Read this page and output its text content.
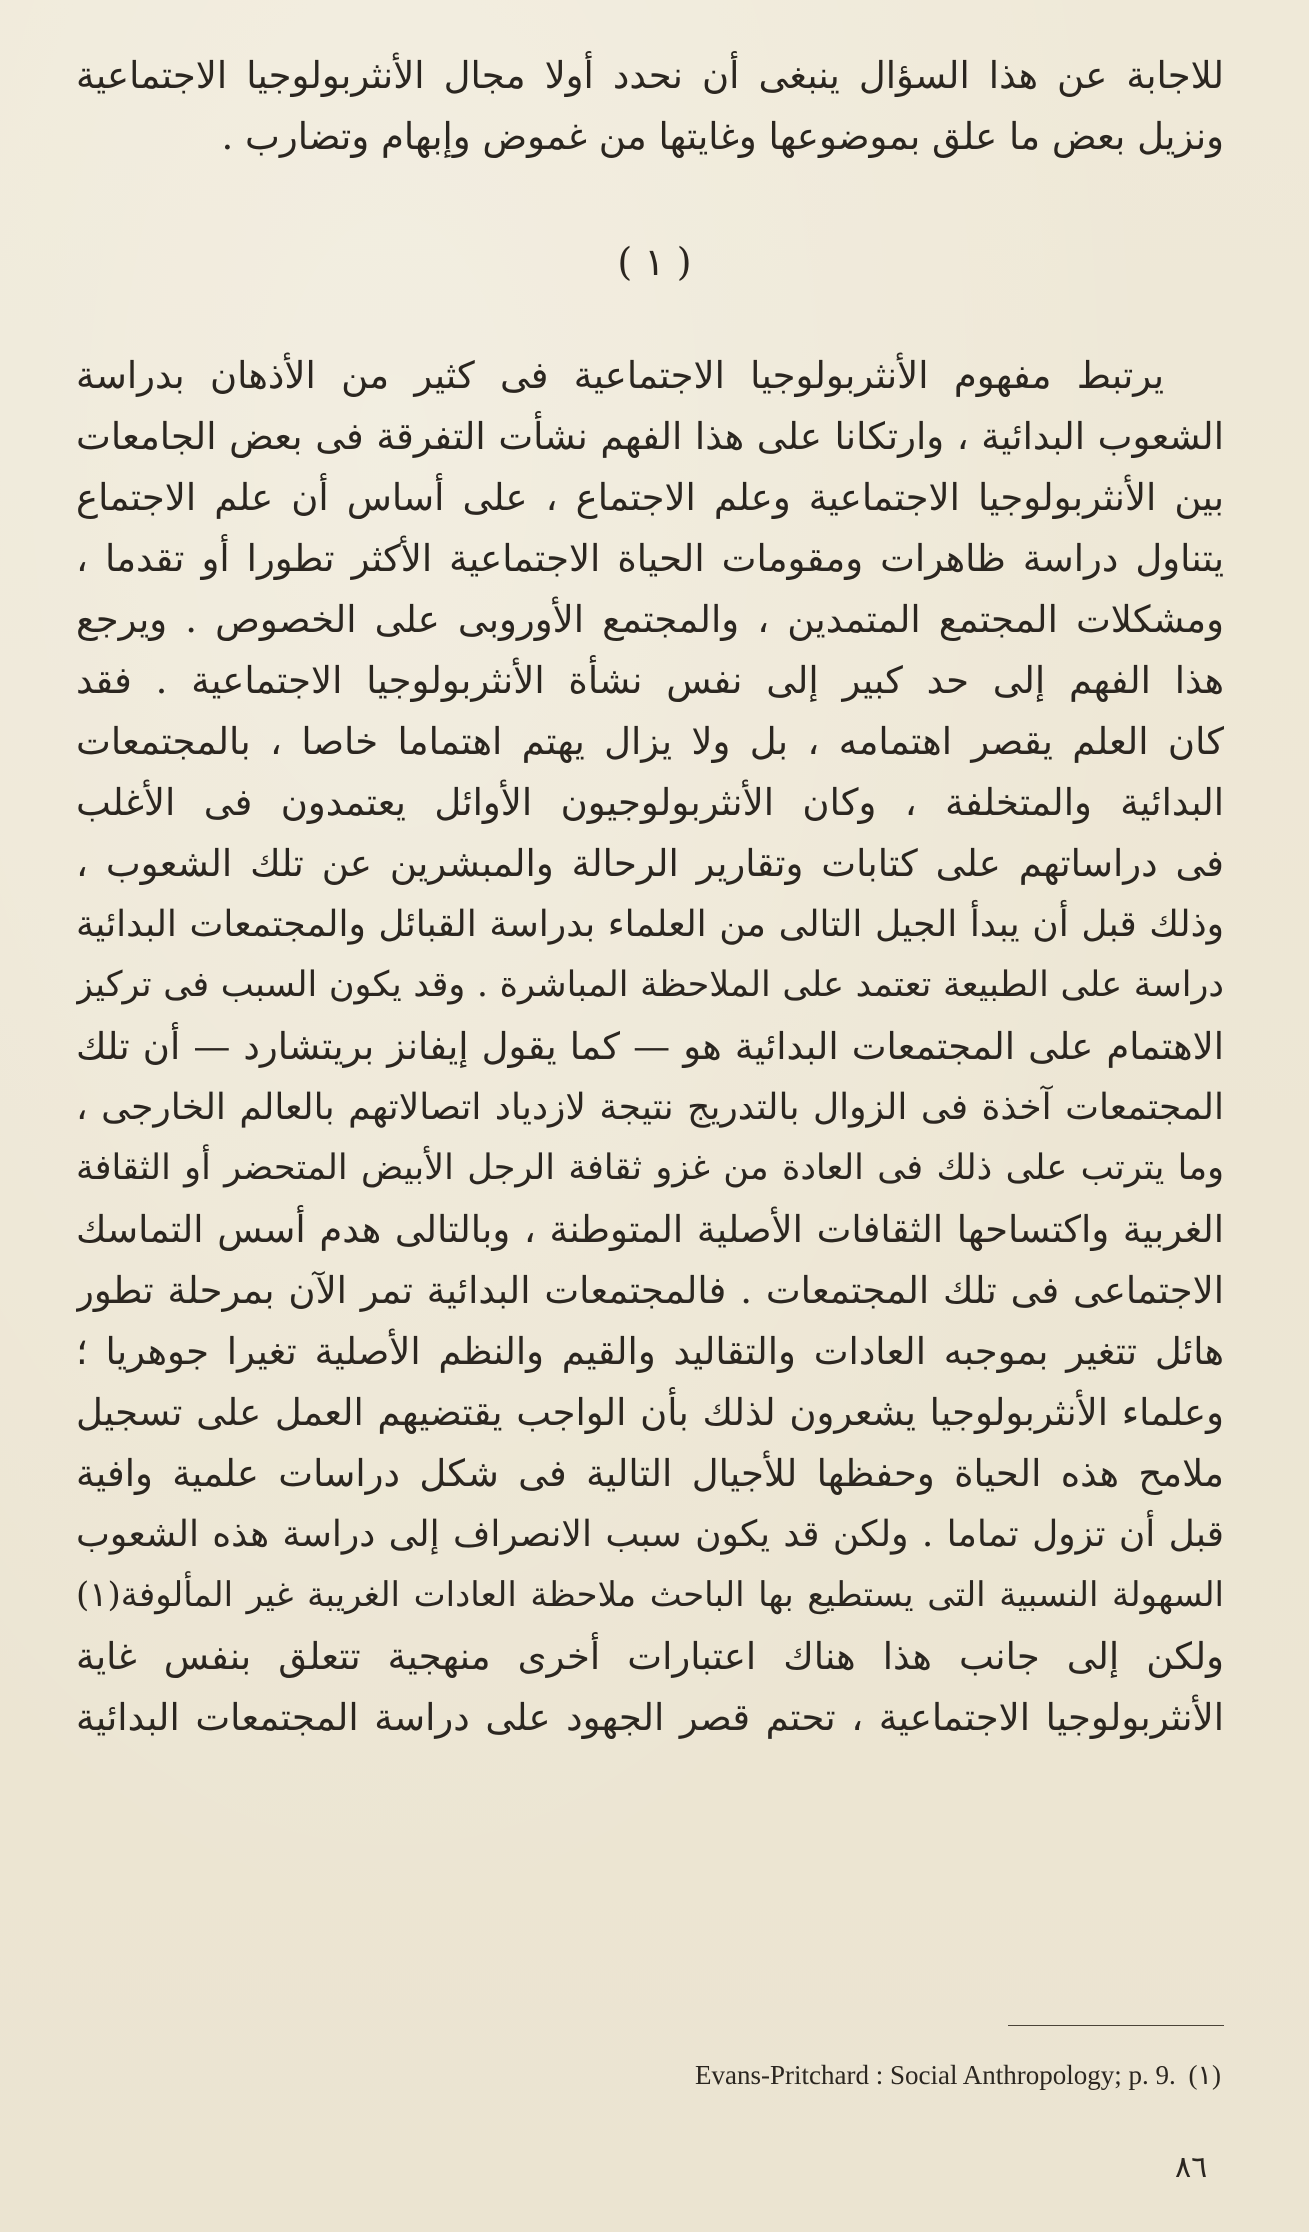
للاجابة عن هذا السؤال ينبغى أن نحدد أولا مجال الأنثربولوجيا الاجتماعية
ونزيل بعض ما علق بموضوعها وغايتها من غموض وإبهام وتضارب .
( ١ )
يرتبط مفهوم الأنثربولوجيا الاجتماعية فى كثير من الأذهان بدراسة
الشعوب البدائية ، وارتكانا على هذا الفهم نشأت التفرقة فى بعض الجامعات
بين الأنثربولوجيا الاجتماعية وعلم الاجتماع ، على أساس أن علم الاجتماع
يتناول دراسة ظاهرات ومقومات الحياة الاجتماعية الأكثر تطورا أو تقدما ،
ومشكلات المجتمع المتمدين ، والمجتمع الأوروبى على الخصوص . ويرجع
هذا الفهم إلى حد كبير إلى نفس نشأة الأنثربولوجيا الاجتماعية . فقد
كان العلم يقصر اهتمامه ، بل ولا يزال يهتم اهتماما خاصا ، بالمجتمعات
البدائية والمتخلفة ، وكان الأنثربولوجيون الأوائل يعتمدون فى الأغلب
فى دراساتهم على كتابات وتقارير الرحالة والمبشرين عن تلك الشعوب ،
وذلك قبل أن يبدأ الجيل التالى من العلماء بدراسة القبائل والمجتمعات البدائية
دراسة على الطبيعة تعتمد على الملاحظة المباشرة . وقد يكون السبب فى تركيز
الاهتمام على المجتمعات البدائية هو — كما يقول إيفانز بريتشارد — أن تلك
المجتمعات آخذة فى الزوال بالتدريج نتيجة لازدياد اتصالاتهم بالعالم الخارجى ،
وما يترتب على ذلك فى العادة من غزو ثقافة الرجل الأبيض المتحضر أو الثقافة
الغربية واكتساحها الثقافات الأصلية المتوطنة ، وبالتالى هدم أسس التماسك
الاجتماعى فى تلك المجتمعات . فالمجتمعات البدائية تمر الآن بمرحلة تطور
هائل تتغير بموجبه العادات والتقاليد والقيم والنظم الأصلية تغيرا جوهريا ؛
وعلماء الأنثربولوجيا يشعرون لذلك بأن الواجب يقتضيهم العمل على تسجيل
ملامح هذه الحياة وحفظها للأجيال التالية فى شكل دراسات علمية وافية
قبل أن تزول تماما . ولكن قد يكون سبب الانصراف إلى دراسة هذه الشعوب
السهولة النسبية التى يستطيع بها الباحث ملاحظة العادات الغريبة غير المألوفة(١)
ولكن إلى جانب هذا هناك اعتبارات أخرى منهجية تتعلق بنفس غاية
الأنثربولوجيا الاجتماعية ، تحتم قصر الجهود على دراسة المجتمعات البدائية
Evans-Pritchard : Social Anthropology; p. 9. (١)
٨٦
